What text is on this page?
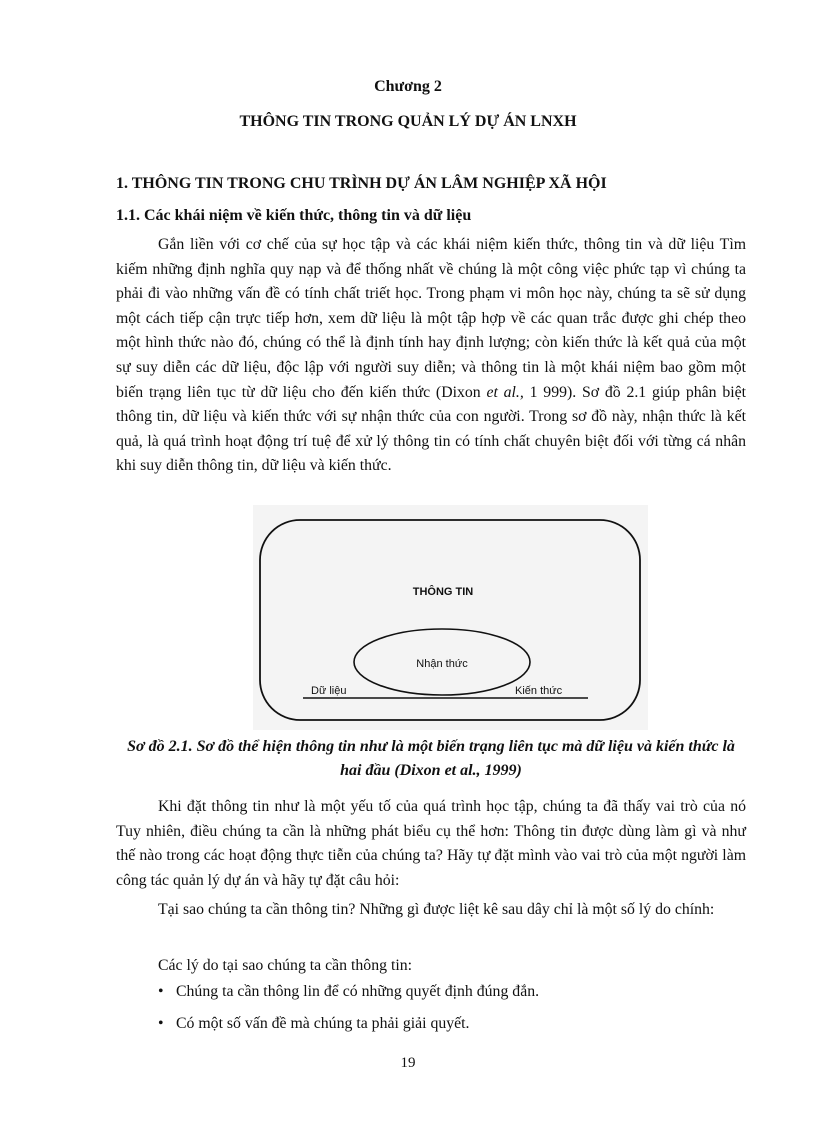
Chương 2
THÔNG TIN TRONG QUẢN LÝ DỰ ÁN LNXH
1. THÔNG TIN TRONG CHU TRÌNH DỰ ÁN LÂM NGHIỆP XÃ HỘI
1.1. Các khái niệm về kiến thức, thông tin và dữ liệu

Gắn liền với cơ chế của sự học tập và các khái niệm kiến thức, thông tin và dữ liệu Tìm kiếm những định nghĩa quy nạp và để thống nhất về chúng là một công việc phức tạp vì chúng ta phải đi vào những vấn đề có tính chất triết học. Trong phạm vi môn học này, chúng ta sẽ sử dụng một cách tiếp cận trực tiếp hơn, xem dữ liệu là một tập hợp về các quan trắc được ghi chép theo một hình thức nào đó, chúng có thể là định tính hay định lượng; còn kiến thức là kết quả của một sự suy diễn các dữ liệu, độc lập với người suy diễn; và thông tin là một khái niệm bao gồm một biến trạng liên tục từ dữ liệu cho đến kiến thức (Dixon et al., 1 999). Sơ đồ 2.1 giúp phân biệt thông tin, dữ liệu và kiến thức với sự nhận thức của con người. Trong sơ đồ này, nhận thức là kết quả, là quá trình hoạt động trí tuệ để xử lý thông tin có tính chất chuyên biệt đối với từng cá nhân khi suy diễn thông tin, dữ liệu và kiến thức.

THÔNG TIN
Nhận thức
Dữ liệu	Kiến thức
Sơ đồ 2.1. Sơ đồ thể hiện thông tin như là một biến trạng liên tục mà dữ liệu và kiến thức là hai đầu (Dixon et al., 1999)

Khi đặt thông tin như là một yếu tố của quá trình học tập, chúng ta đã thấy vai trò của nó Tuy nhiên, điều chúng ta cần là những phát biểu cụ thể hơn: Thông tin được dùng làm gì và như thế nào trong các hoạt động thực tiễn của chúng ta? Hãy tự đặt mình vào vai trò của một người làm công tác quản lý dự án và hãy tự đặt câu hỏi:

Tại sao chúng ta cần thông tin? Những gì được liệt kê sau dây chỉ là một số lý do chính:

Các lý do tại sao chúng ta cần thông tin:
• Chúng ta cần thông lin để có những quyết định đúng đắn.
• Có một số vấn đề mà chúng ta phải giải quyết.
19
